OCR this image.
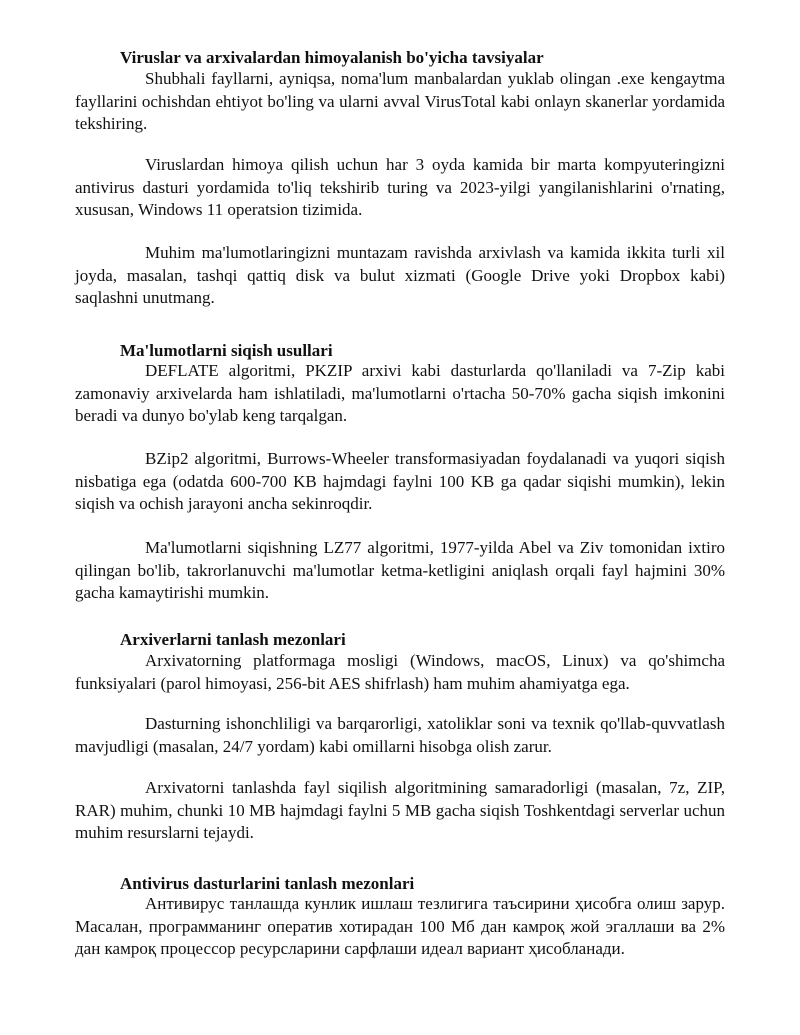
Viruslar va arxivalardan himoyalanish bo'yicha tavsiyalar

Shubhali fayllarni, ayniqsa, noma'lum manbalardan yuklab olingan .exe kengaytma fayllarini ochishdan ehtiyot bo'ling va ularni avval VirusTotal kabi onlayn skanerlar yordamida tekshiring.

Viruslardan himoya qilish uchun har 3 oyda kamida bir marta kompyuteringizni antivirus dasturi yordamida to'liq tekshirib turing va 2023-yilgi yangilanishlarini o'rnating, xususan, Windows 11 operatsion tizimida.

Muhim ma'lumotlaringizni muntazam ravishda arxivlash va kamida ikkita turli xil joyda, masalan, tashqi qattiq disk va bulut xizmati (Google Drive yoki Dropbox kabi) saqlashni unutmang.

Ma'lumotlarni siqish usullari

DEFLATE algoritmi, PKZIP arxivi kabi dasturlarda qo'llaniladi va 7-Zip kabi zamonaviy arxivelarda ham ishlatiladi, ma'lumotlarni o'rtacha 50-70% gacha siqish imkonini beradi va dunyo bo'ylab keng tarqalgan.

BZip2 algoritmi, Burrows-Wheeler transformasiyadan foydalanadi va yuqori siqish nisbatiga ega (odatda 600-700 KB hajmdagi faylni 100 KB ga qadar siqishi mumkin), lekin siqish va ochish jarayoni ancha sekinroqdir.

Ma'lumotlarni siqishning LZ77 algoritmi, 1977-yilda Abel va Ziv tomonidan ixtiro qilingan bo'lib, takrorlanuvchi ma'lumotlar ketma-ketligini aniqlash orqali fayl hajmini 30% gacha kamaytirishi mumkin.

Arxiverlarni tanlash mezonlari

Arxivatorning platformaga mosligi (Windows, macOS, Linux) va qo'shimcha funksiyalari (parol himoyasi, 256-bit AES shifrlash) ham muhim ahamiyatga ega.

Dasturning ishonchliligi va barqarorligi, xatoliklar soni va texnik qo'llab-quvvatlash mavjudligi (masalan, 24/7 yordam) kabi omillarni hisobga olish zarur.

Arxivatorni tanlashda fayl siqilish algoritmining samaradorligi (masalan, 7z, ZIP, RAR) muhim, chunki 10 MB hajmdagi faylni 5 MB gacha siqish Toshkentdagi serverlar uchun muhim resurslarni tejaydi.

Antivirus dasturlarini tanlash mezonlari

Антивирус танлашда кунлик ишлаш тезлигига таъсирини ҳисобга олиш зарур. Масалан, программанинг оператив хотирадан 100 Мб дан камроқ жой эгаллаши ва 2% дан камроқ процессор ресурсларини сарфлаши идеал вариант ҳисобланади.
